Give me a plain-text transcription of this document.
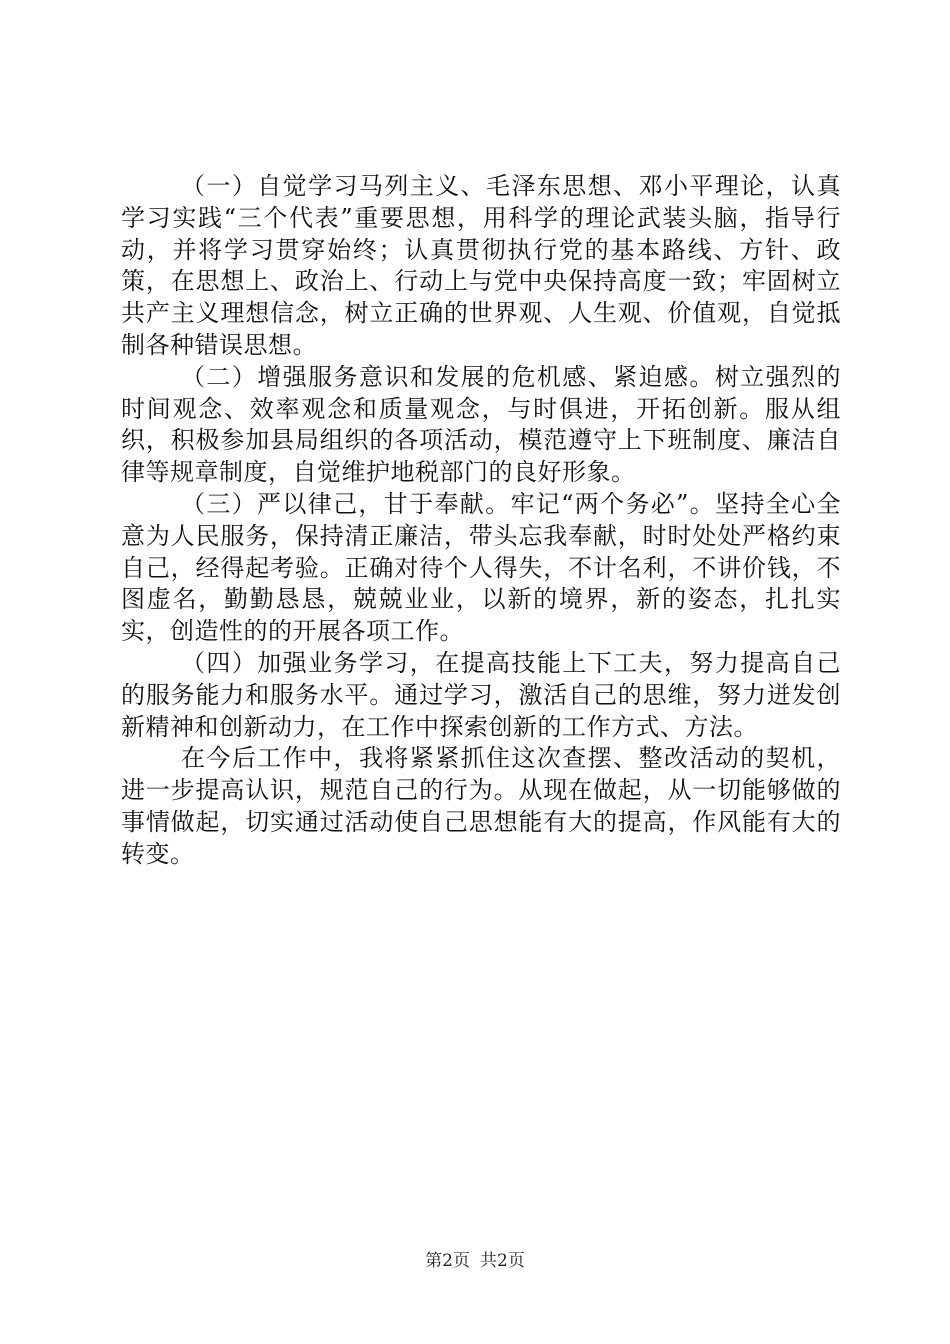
（一）自觉学习马列主义、毛泽东思想、邓小平理论，认真学习实践“三个代表”重要思想，用科学的理论武装头脑，指导行动，并将学习贯穿始终；认真贯彻执行党的基本路线、方针、政策，在思想上、政治上、行动上与党中央保持高度一致；牢固树立共产主义理想信念，树立正确的世界观、人生观、价值观，自觉抵制各种错误思想。

（二）增强服务意识和发展的危机感、紧迫感。树立强烈的时间观念、效率观念和质量观念，与时俱进，开拓创新。服从组织，积极参加县局组织的各项活动，模范遵守上下班制度、廉洁自律等规章制度，自觉维护地税部门的良好形象。

（三）严以律己，甘于奉献。牢记“两个务必”。坚持全心全意为人民服务，保持清正廉洁，带头忘我奉献，时时处处严格约束自己，经得起考验。正确对待个人得失，不计名利，不讲价钱，不图虚名，勤勤恳恳，兢兢业业，以新的境界，新的姿态，扎扎实实，创造性的的开展各项工作。

（四）加强业务学习，在提高技能上下工夫，努力提高自己的服务能力和服务水平。通过学习，激活自己的思维，努力迸发创新精神和创新动力，在工作中探索创新的工作方式、方法。

在今后工作中，我将紧紧抓住这次查摆、整改活动的契机，进一步提高认识，规范自己的行为。从现在做起，从一切能够做的事情做起，切实通过活动使自己思想能有大的提高，作风能有大的转变。

第2页 共2页
